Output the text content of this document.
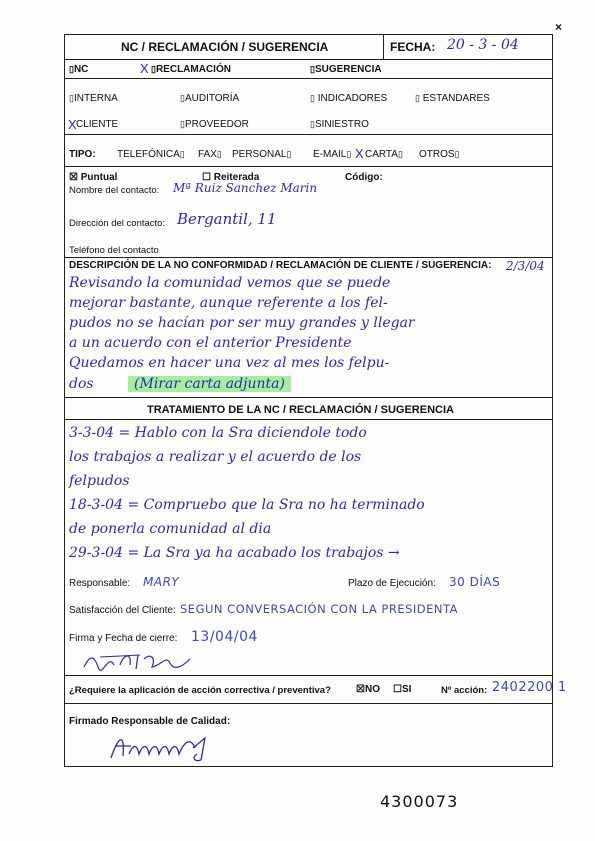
×
NC / RECLAMACIÓN / SUGERENCIA	FECHA: 20 - 3 - 04
▯NC	X ▯RECLAMACIÓN	▯SUGERENCIA
▯INTERNA	▯AUDITORÍA	▯ INDICADORES	▯ ESTANDARES
X CLIENTE	▯PROVEEDOR	▯SINIESTRO
TIPO: TELEFÓNICA▯ FAX▯ PERSONAL▯ E-MAIL▯ X CARTA▯ OTROS▯
☒ Puntual	☐ Reiterada	Código:
Nombre del contacto: Mª Ruiz Sanchez Marin
Dirección del contacto: Bergantil, 11
Teléfono del contacto
DESCRIPCIÓN DE LA NO CONFORMIDAD / RECLAMACIÓN DE CLIENTE / SUGERENCIA: 2/3/04
Revisando la comunidad vemos que se puede
mejorar bastante, aunque referente a los fel-
pudos no se hacían por ser muy grandes y llegar
a un acuerdo con el anterior Presidente
Quedamos en hacer una vez al mes los felpu-
dos	(Mirar carta adjunta)
TRATAMIENTO DE LA NC / RECLAMACIÓN / SUGERENCIA
3-3-04 = Hablo con la Sra diciendole todo
los trabajos a realizar y el acuerdo de los
felpudos
18-3-04 = Compruebo que la Sra no ha terminado
de ponerla comunidad al dia
29-3-04 = La Sra ya ha acabado los trabajos →
Responsable: MARY	Plazo de Ejecución: 30 DÍAS
Satisfacción del Cliente: SEGUN CONVERSACIÓN CON LA PRESIDENTA
Firma y Fecha de cierre: 13/04/04
¿Requiere la aplicación de acción correctiva / preventiva?	☒NO ☐SI	Nº acción: 2402200 1
Firmado Responsable de Calidad:
4300073
